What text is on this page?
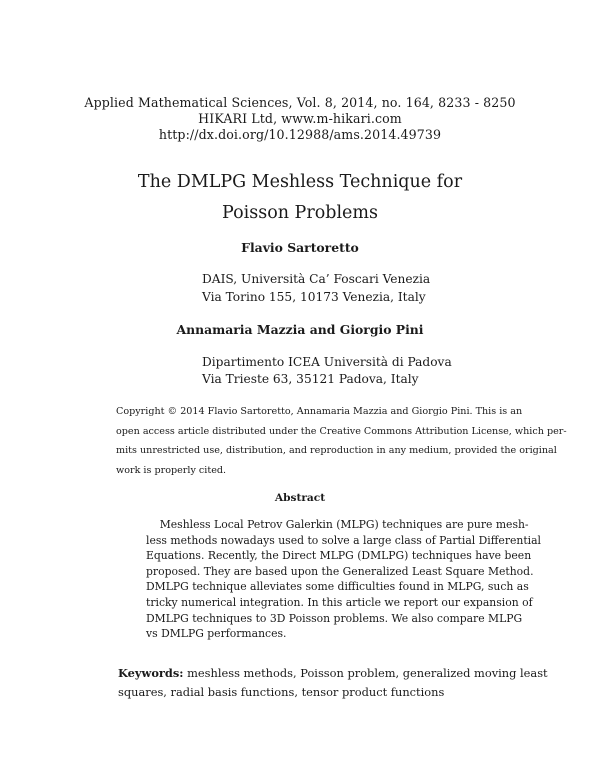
Applied Mathematical Sciences, Vol. 8, 2014, no. 164, 8233 - 8250
HIKARI Ltd, www.m-hikari.com
http://dx.doi.org/10.12988/ams.2014.49739
The DMLPG Meshless Technique for
Poisson Problems
Flavio Sartoretto
DAIS, Università Ca’ Foscari Venezia
Via Torino 155, 10173 Venezia, Italy
Annamaria Mazzia and Giorgio Pini
Dipartimento ICEA Università di Padova
Via Trieste 63, 35121 Padova, Italy
Copyright © 2014 Flavio Sartoretto, Annamaria Mazzia and Giorgio Pini. This is an
open access article distributed under the Creative Commons Attribution License, which per-
mits unrestricted use, distribution, and reproduction in any medium, provided the original
work is properly cited.
Abstract
Meshless Local Petrov Galerkin (MLPG) techniques are pure mesh-
less methods nowadays used to solve a large class of Partial Differential
Equations. Recently, the Direct MLPG (DMLPG) techniques have been
proposed. They are based upon the Generalized Least Square Method.
DMLPG technique alleviates some difficulties found in MLPG, such as
tricky numerical integration. In this article we report our expansion of
DMLPG techniques to 3D Poisson problems. We also compare MLPG
vs DMLPG performances.
Keywords: meshless methods, Poisson problem, generalized moving least
squares, radial basis functions, tensor product functions
